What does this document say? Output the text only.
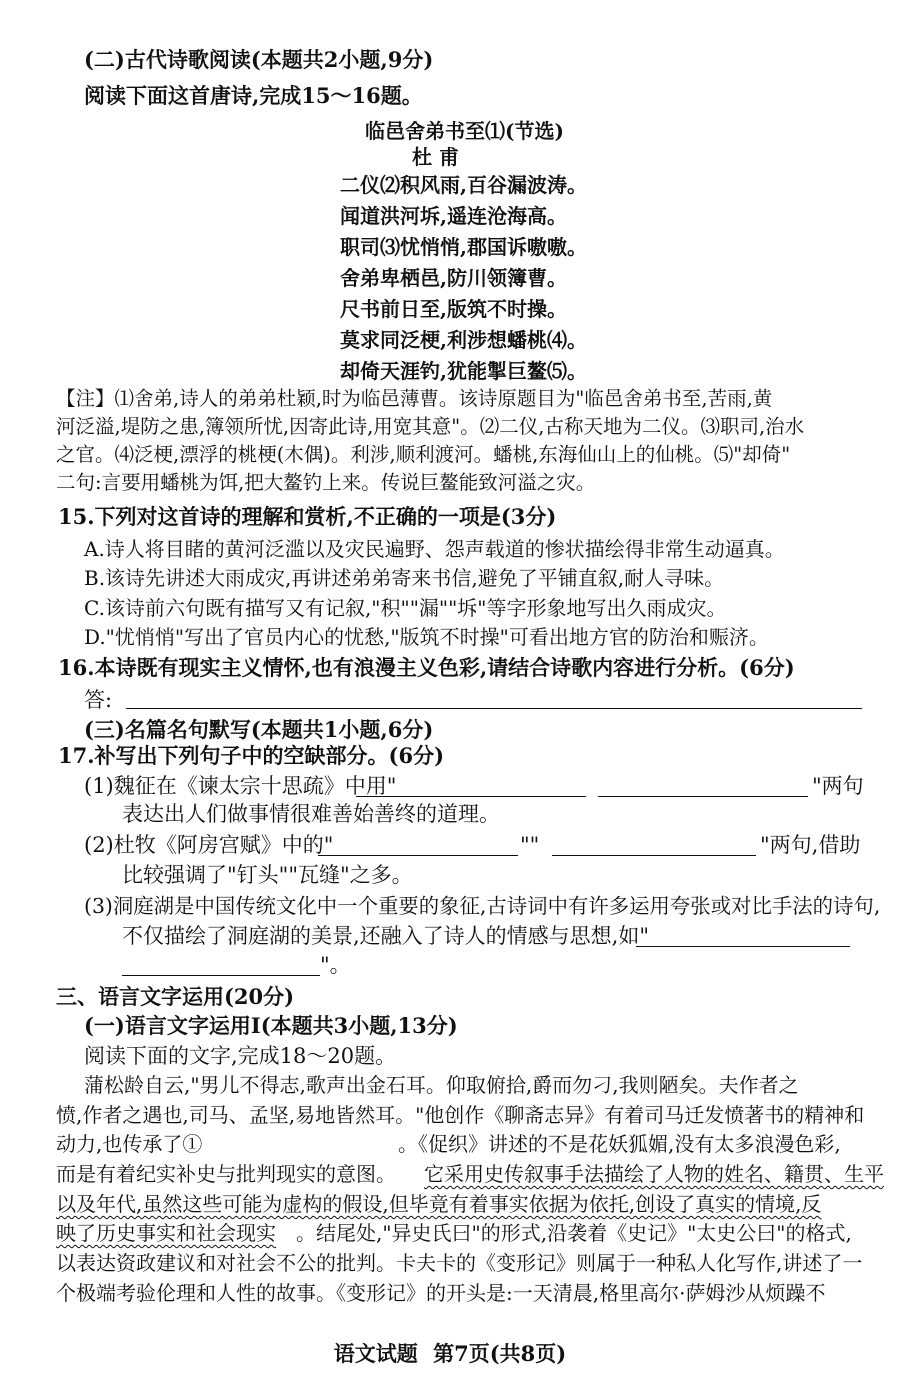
(二)古代诗歌阅读(本题共2小题,9分)
阅读下面这首唐诗,完成15～16题。
临邑舍弟书至⑴(节选)
杜 甫
二仪⑵积风雨,百谷漏波涛。
闻道洪河坼,遥连沧海高。
职司⑶忧悄悄,郡国诉嗷嗷。
舍弟卑栖邑,防川领簿曹。
尺书前日至,版筑不时操。
莫求同泛梗,利涉想蟠桃⑷。
却倚天涯钓,犹能掣巨鳌⑸。
【注】⑴舍弟,诗人的弟弟杜颖,时为临邑薄曹。该诗原题目为"临邑舍弟书至,苦雨,黄
河泛溢,堤防之患,簿领所忧,因寄此诗,用宽其意"。⑵二仪,古称天地为二仪。⑶职司,治水
之官。⑷泛梗,漂浮的桃梗(木偶)。利涉,顺利渡河。蟠桃,东海仙山上的仙桃。⑸"却倚"
二句:言要用蟠桃为饵,把大鳌钓上来。传说巨鳌能致河溢之灾。
15.下列对这首诗的理解和赏析,不正确的一项是(3分)
A.诗人将目睹的黄河泛滥以及灾民遍野、怨声载道的惨状描绘得非常生动逼真。
B.该诗先讲述大雨成灾,再讲述弟弟寄来书信,避免了平铺直叙,耐人寻味。
C.该诗前六句既有描写又有记叙,"积""漏""坼"等字形象地写出久雨成灾。
D."忧悄悄"写出了官员内心的忧愁,"版筑不时操"可看出地方官的防治和赈济。
16.本诗既有现实主义情怀,也有浪漫主义色彩,请结合诗歌内容进行分析。(6分)
答:
(三)名篇名句默写(本题共1小题,6分)
17.补写出下列句子中的空缺部分。(6分)
(1)魏征在《谏太宗十思疏》中用"	"两句
表达出人们做事情很难善始善终的道理。
(2)杜牧《阿房宫赋》中的"	""	"两句,借助
比较强调了"钉头""瓦缝"之多。
(3)洞庭湖是中国传统文化中一个重要的象征,古诗词中有许多运用夸张或对比手法的诗句,
不仅描绘了洞庭湖的美景,还融入了诗人的情感与思想,如"
"。
三、语言文字运用(20分)
(一)语言文字运用Ⅰ(本题共3小题,13分)
阅读下面的文字,完成18～20题。
蒲松龄自云,"男儿不得志,歌声出金石耳。仰取俯拾,爵而勿刁,我则陋矣。夫作者之
愤,作者之遇也,司马、孟坚,易地皆然耳。"他创作《聊斋志异》有着司马迁发愤著书的精神和
动力,也传承了①	。《促织》讲述的不是花妖狐媚,没有太多浪漫色彩,
而是有着纪实补史与批判现实的意图。 它采用史传叙事手法描绘了人物的姓名、籍贯、生平
以及年代,虽然这些可能为虚构的假设,但毕竟有着事实依据为依托,创设了真实的情境,反
映了历史事实和社会现实 。结尾处,"异史氏曰"的形式,沿袭着《史记》"太史公曰"的格式,
以表达资政建议和对社会不公的批判。卡夫卡的《变形记》则属于一种私人化写作,讲述了一
个极端考验伦理和人性的故事。《变形记》的开头是:一天清晨,格里高尔·萨姆沙从烦躁不
语文试题 第7页(共8页)
